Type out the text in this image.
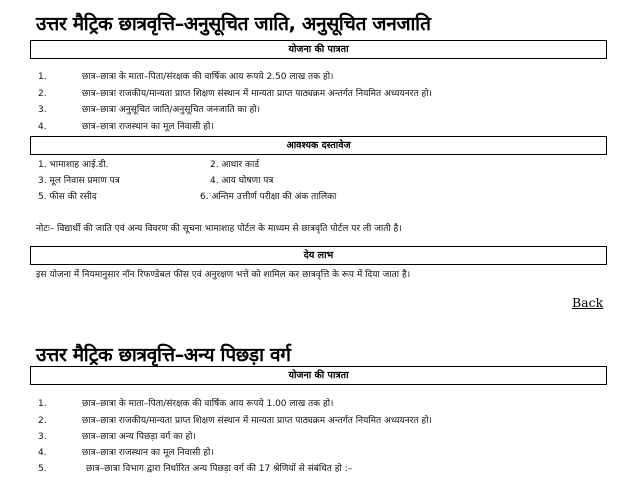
उत्तर मैट्रिक छात्रवृत्ति–अनुसूचित जाति, अनुसूचित जनजाति
योजना की पात्रता
1.	छात्र–छात्रा के माता–पिता/संरक्षक की वार्षिक आय रूपये 2.50 लाख तक हो।
2.	छात्र–छात्रा राजकीय/मान्यता प्राप्त शिक्षण संस्थान में मान्यता प्राप्त पाठ्यक्रम अन्तर्गत नियमित अध्ययनरत हो।
3.	छात्र–छात्रा अनुसूचित जाति/अनुसूचित जनजाति का हो।
4.	छात्र–छात्रा राजस्थान का मूल निवासी हो।
आवश्यक दस्तावेज
1. भामाशाह आई.डी.	2. आधार कार्ड
3. मूल निवास प्रमाण पत्र	4. आय घोषणा पत्र
5. फीस की रसीद	6. अन्तिम उत्तीर्ण परीक्षा की अंक तालिका
नोटः– विद्यार्थी की जाति एवं अन्य विवरण की सूचना भामाशाह पोर्टल के माध्यम से छात्रवृति पोर्टल पर ली जाती है।
देय लाभ
इस योजना में नियमानुसार नॉन रिफण्डेबल फीस एवं अनुरक्षण भत्ते को शामिल कर छात्रवृत्ति के रूप में दिया जाता है।
Back
उत्तर मैट्रिक छात्रवृत्ति–अन्य पिछड़ा वर्ग
योजना की पात्रता
1.	छात्र–छात्रा के माता–पिता/संरक्षक की वार्षिक आय रूपये 1.00 लाख तक हो।
2.	छात्र–छात्रा राजकीय/मान्यता प्राप्त शिक्षण संस्थान में मान्यता प्राप्त पाठ्यक्रम अन्तर्गत नियमित अध्ययनरत हो।
3.	छात्र–छात्रा अन्य पिछड़ा वर्ग का हो।
4.	छात्र–छात्रा राजस्थान का मूल निवासी हो।
5.	छात्र–छात्रा विभाग द्वारा निर्धारित अन्य पिछड़ा वर्ग की 17 श्रेणियों से संबंधित हो :–
